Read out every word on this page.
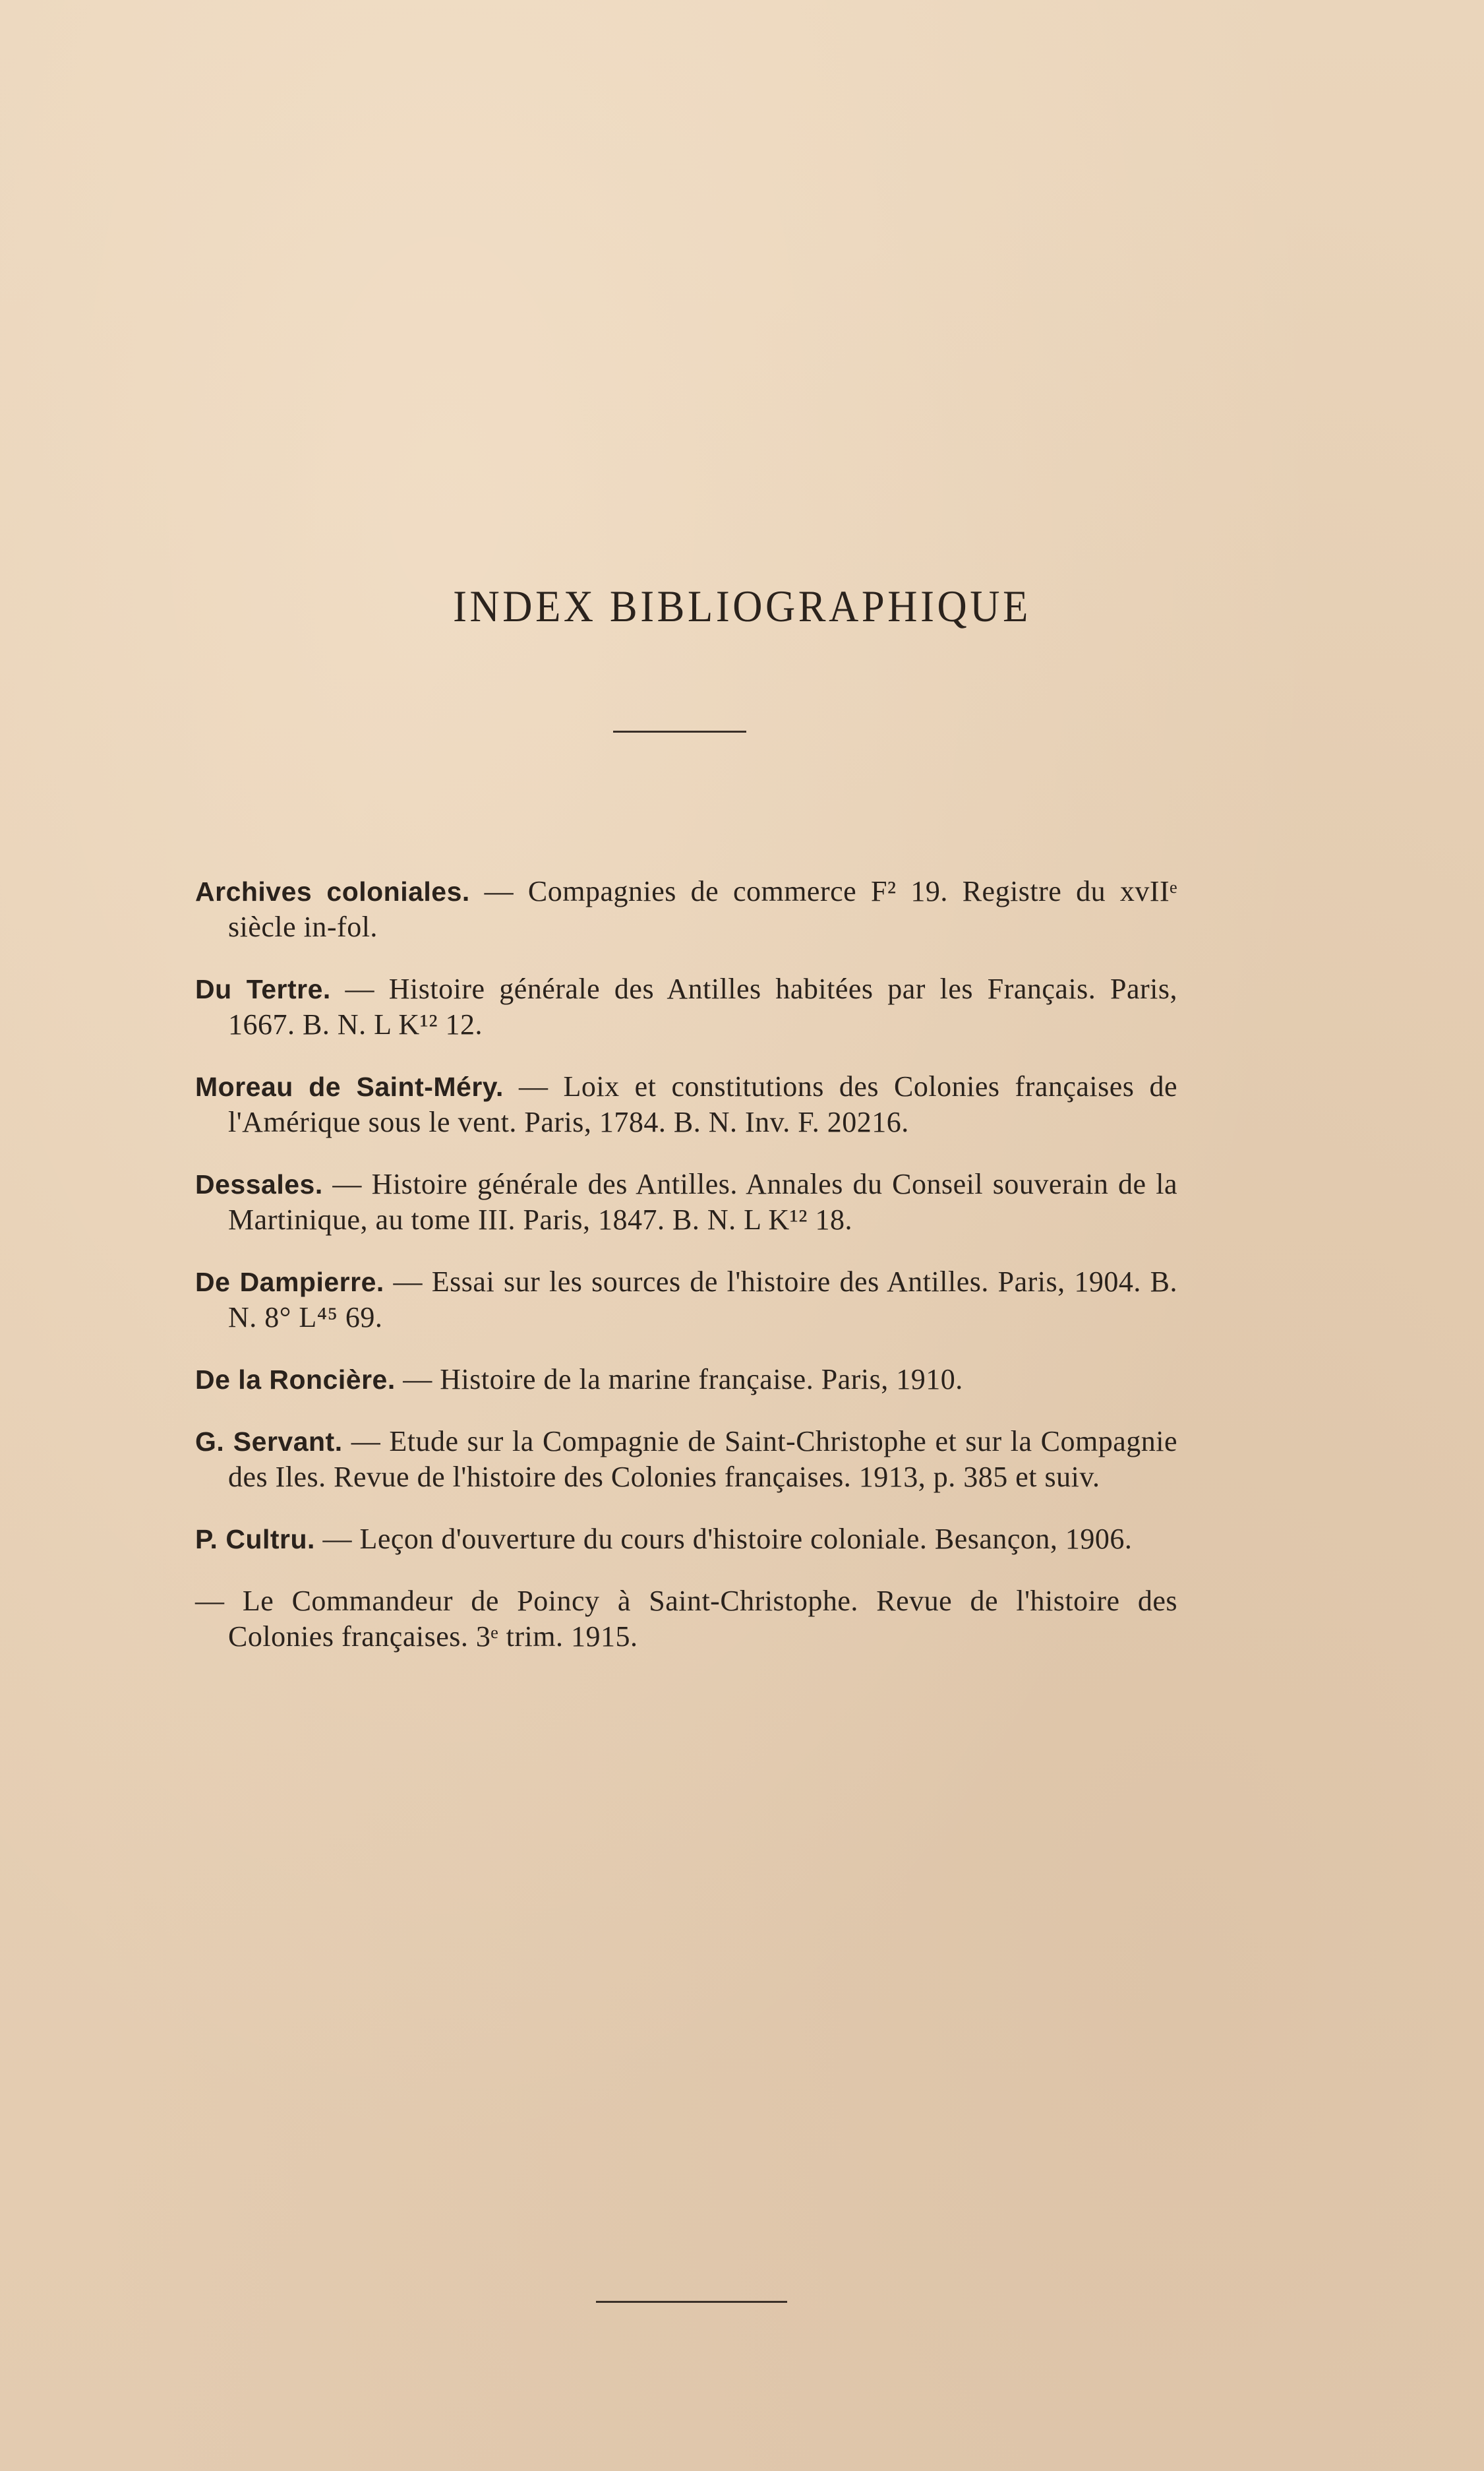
INDEX BIBLIOGRAPHIQUE
Archives coloniales. — Compagnies de commerce F² 19. Registre du xvIIᵉ siècle in-fol.
Du Tertre. — Histoire générale des Antilles habitées par les Français. Paris, 1667. B. N. L K¹² 12.
Moreau de Saint-Méry. — Loix et constitutions des Colonies françaises de l'Amérique sous le vent. Paris, 1784. B. N. Inv. F. 20216.
Dessales. — Histoire générale des Antilles. Annales du Conseil souverain de la Martinique, au tome III. Paris, 1847. B. N. L K¹² 18.
De Dampierre. — Essai sur les sources de l'histoire des Antilles. Paris, 1904. B. N. 8° L⁴⁵ 69.
De la Roncière. — Histoire de la marine française. Paris, 1910.
G. Servant. — Etude sur la Compagnie de Saint-Christophe et sur la Compagnie des Iles. Revue de l'histoire des Colonies françaises. 1913, p. 385 et suiv.
P. Cultru. — Leçon d'ouverture du cours d'histoire coloniale. Besançon, 1906.
— Le Commandeur de Poincy à Saint-Christophe. Revue de l'histoire des Colonies françaises. 3ᵉ trim. 1915.
